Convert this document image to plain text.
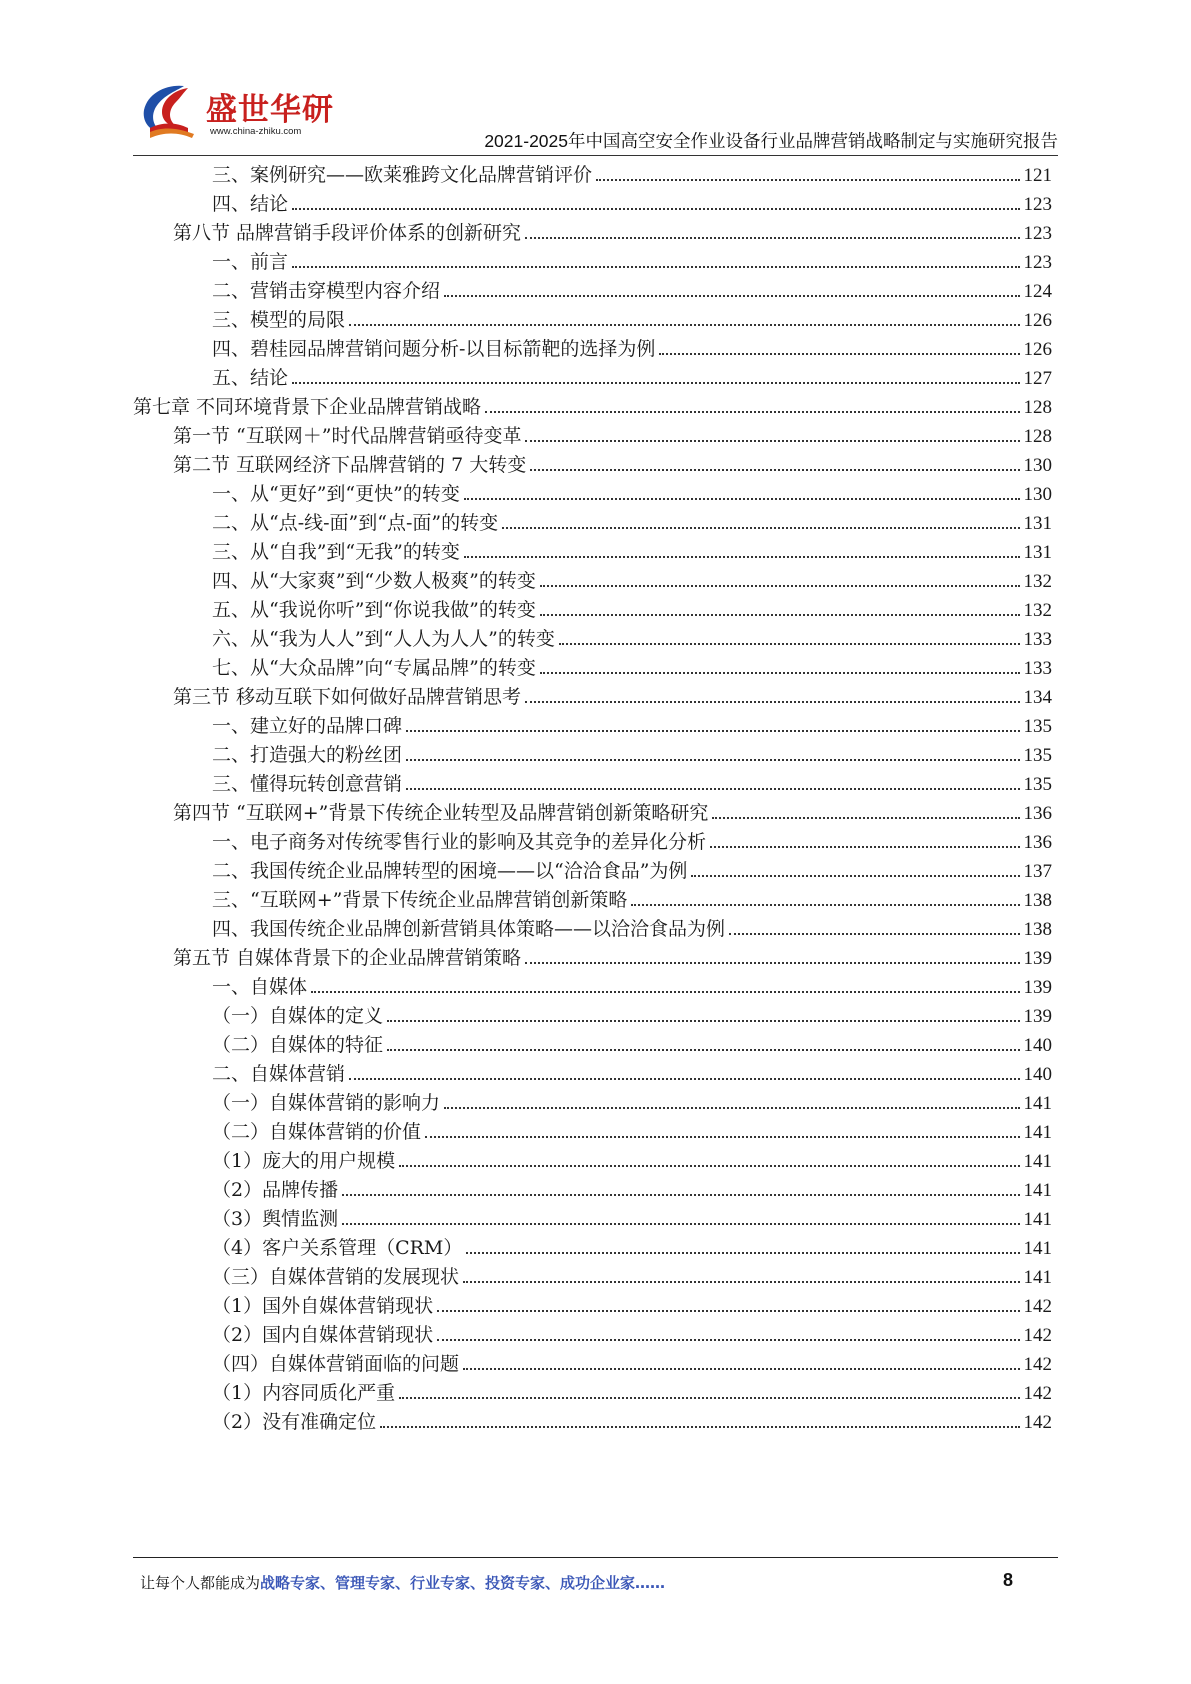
盛世华研
www.china-zhiku.com	2021-2025年中国高空安全作业设备行业品牌营销战略制定与实施研究报告
三、案例研究——欧莱雅跨文化品牌营销评价	121
四、结论	123
第八节 品牌营销手段评价体系的创新研究	123
一、前言	123
二、营销击穿模型内容介绍	124
三、模型的局限	126
四、碧桂园品牌营销问题分析-以目标箭靶的选择为例	126
五、结论	127
第七章 不同环境背景下企业品牌营销战略	128
第一节 “互联网＋”时代品牌营销亟待变革	128
第二节 互联网经济下品牌营销的 7 大转变	130
一、从“更好”到“更快”的转变	130
二、从“点-线-面”到“点-面”的转变	131
三、从“自我”到“无我”的转变	131
四、从“大家爽”到“少数人极爽”的转变	132
五、从“我说你听”到“你说我做”的转变	132
六、从“我为人人”到“人人为人人”的转变	133
七、从“大众品牌”向“专属品牌”的转变	133
第三节 移动互联下如何做好品牌营销思考	134
一、建立好的品牌口碑	135
二、打造强大的粉丝团	135
三、懂得玩转创意营销	135
第四节 “互联网+”背景下传统企业转型及品牌营销创新策略研究	136
一、电子商务对传统零售行业的影响及其竞争的差异化分析	136
二、我国传统企业品牌转型的困境——以“洽洽食品”为例	137
三、“互联网+”背景下传统企业品牌营销创新策略	138
四、我国传统企业品牌创新营销具体策略——以洽洽食品为例	138
第五节 自媒体背景下的企业品牌营销策略	139
一、自媒体	139
（一）自媒体的定义	139
（二）自媒体的特征	140
二、自媒体营销	140
（一）自媒体营销的影响力	141
（二）自媒体营销的价值	141
（1）庞大的用户规模	141
（2）品牌传播	141
（3）舆情监测	141
（4）客户关系管理（CRM）	141
（三）自媒体营销的发展现状	141
（1）国外自媒体营销现状	142
（2）国内自媒体营销现状	142
（四）自媒体营销面临的问题	142
（1）内容同质化严重	142
（2）没有准确定位	142
让每个人都能成为战略专家、管理专家、行业专家、投资专家、成功企业家……	8
